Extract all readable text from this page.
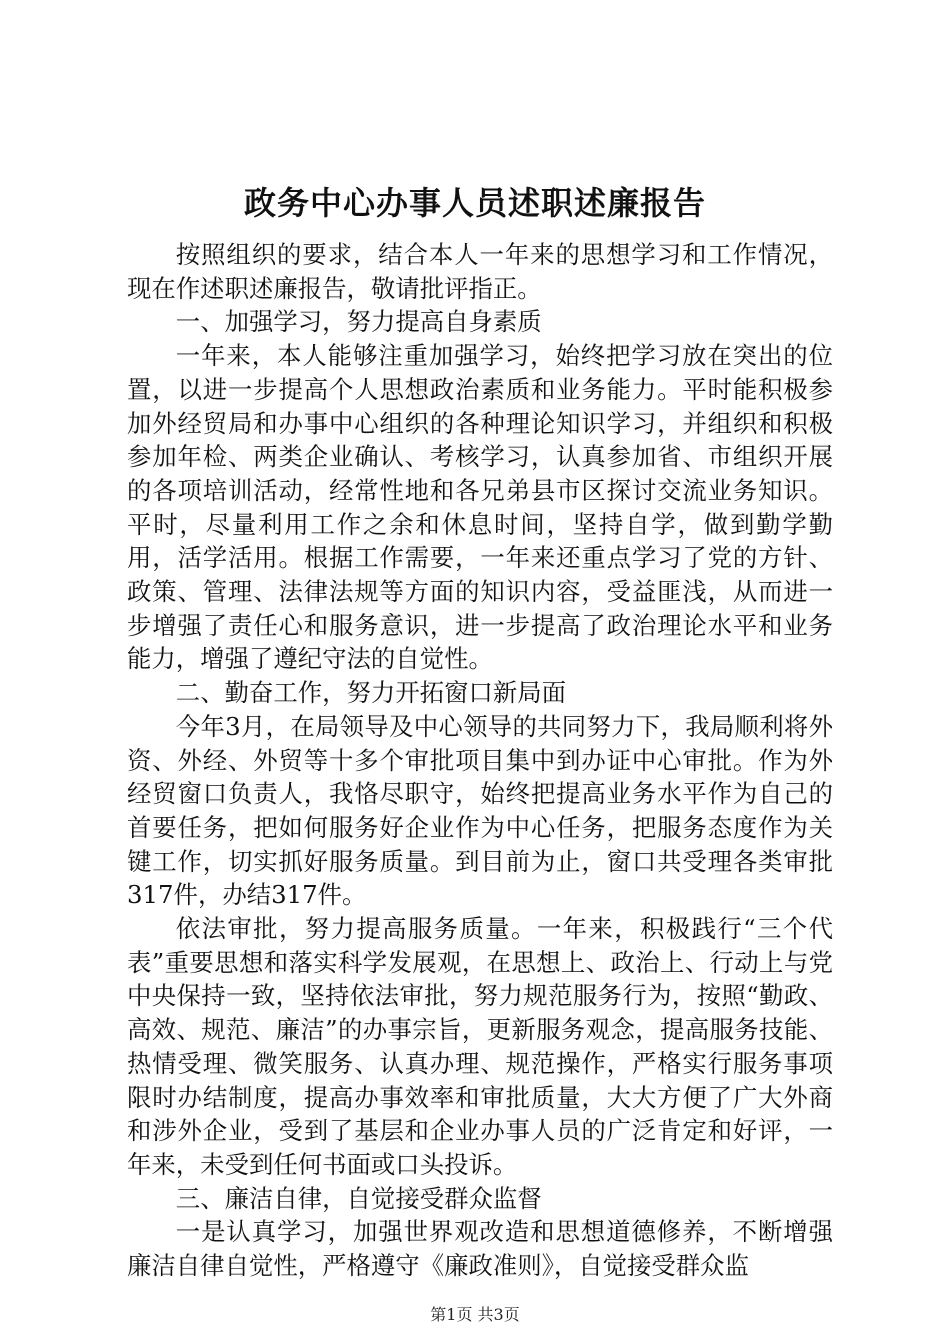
政务中心办事人员述职述廉报告

按照组织的要求，结合本人一年来的思想学习和工作情况，现在作述职述廉报告，敬请批评指正。

一、加强学习，努力提高自身素质

一年来，本人能够注重加强学习，始终把学习放在突出的位置，以进一步提高个人思想政治素质和业务能力。平时能积极参加外经贸局和办事中心组织的各种理论知识学习，并组织和积极参加年检、两类企业确认、考核学习，认真参加省、市组织开展的各项培训活动，经常性地和各兄弟县市区探讨交流业务知识。平时，尽量利用工作之余和休息时间，坚持自学，做到勤学勤用，活学活用。根据工作需要，一年来还重点学习了党的方针、政策、管理、法律法规等方面的知识内容，受益匪浅，从而进一步增强了责任心和服务意识，进一步提高了政治理论水平和业务能力，增强了遵纪守法的自觉性。

二、勤奋工作，努力开拓窗口新局面

今年3月，在局领导及中心领导的共同努力下，我局顺利将外资、外经、外贸等十多个审批项目集中到办证中心审批。作为外经贸窗口负责人，我恪尽职守，始终把提高业务水平作为自己的首要任务，把如何服务好企业作为中心任务，把服务态度作为关键工作，切实抓好服务质量。到目前为止，窗口共受理各类审批317件，办结317件。

依法审批，努力提高服务质量。一年来，积极践行“三个代表”重要思想和落实科学发展观，在思想上、政治上、行动上与党中央保持一致，坚持依法审批，努力规范服务行为，按照“勤政、高效、规范、廉洁”的办事宗旨，更新服务观念，提高服务技能、热情受理、微笑服务、认真办理、规范操作，严格实行服务事项限时办结制度，提高办事效率和审批质量，大大方便了广大外商和涉外企业，受到了基层和企业办事人员的广泛肯定和好评，一年来，未受到任何书面或口头投诉。

三、廉洁自律，自觉接受群众监督

一是认真学习，加强世界观改造和思想道德修养，不断增强廉洁自律自觉性，严格遵守《廉政准则》，自觉接受群众监

第1页 共3页
